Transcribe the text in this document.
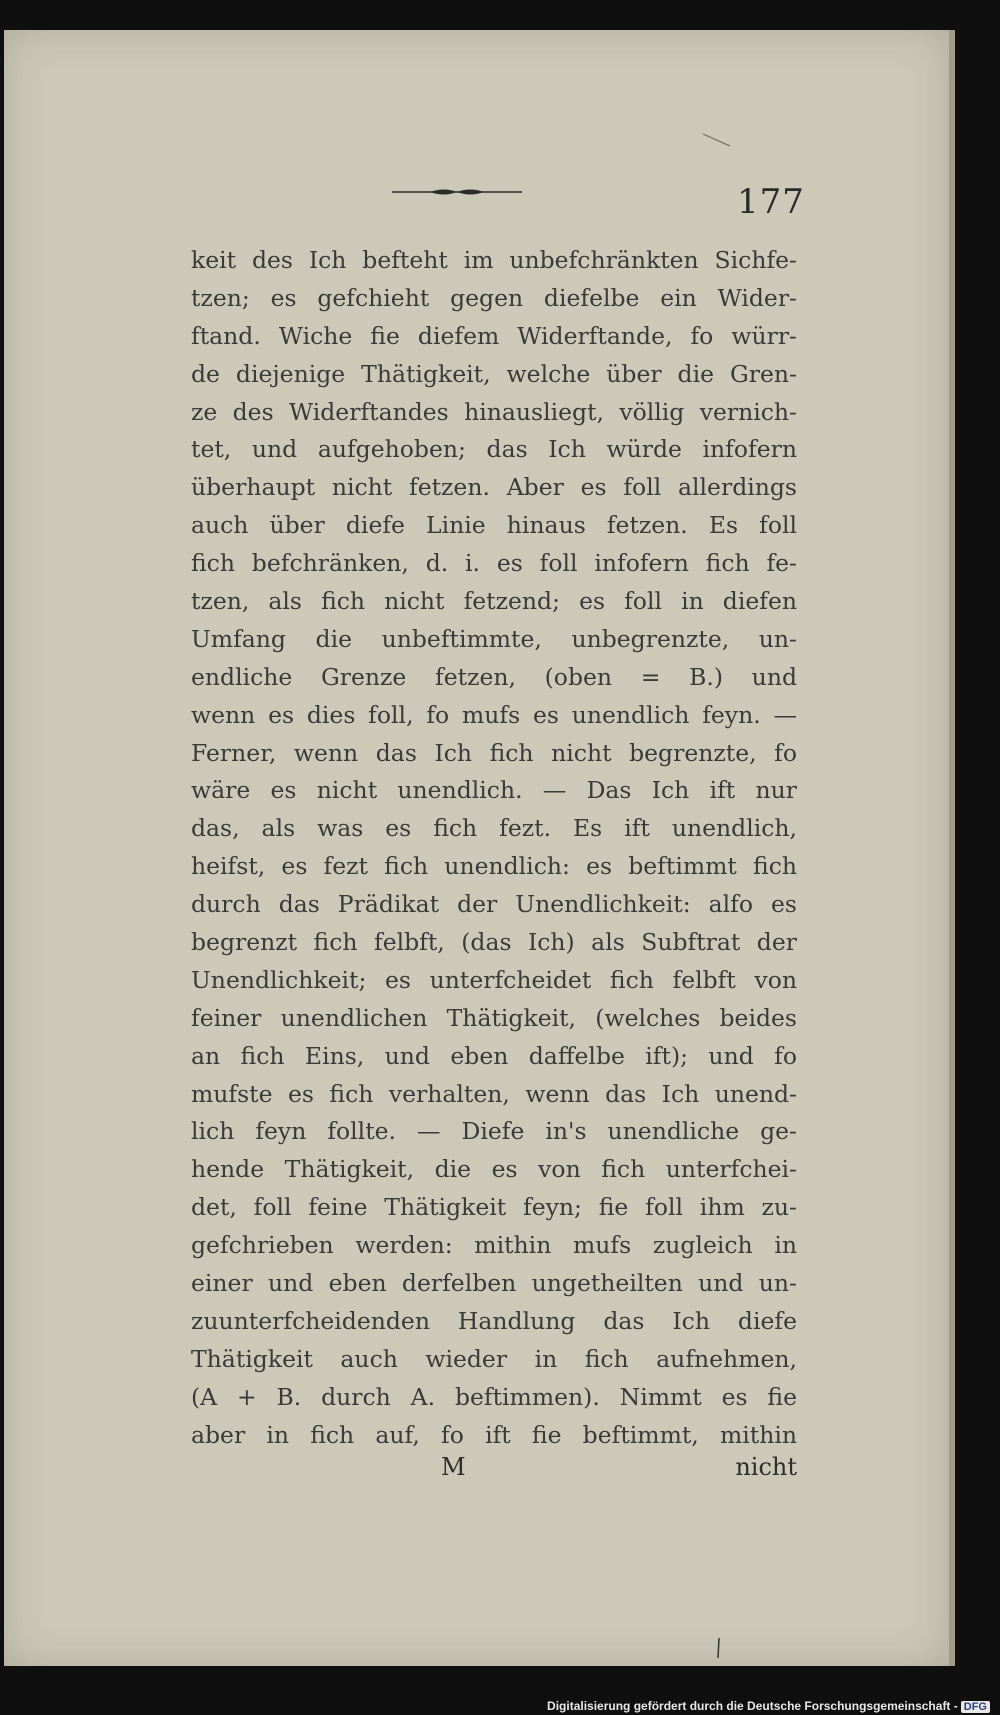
177
keit des Ich befteht im unbefchränkten Sichfe-
tzen; es gefchieht gegen diefelbe ein Wider-
ftand. Wiche fie diefem Widerftande, fo würr-
de diejenige Thätigkeit, welche über die Gren-
ze des Widerftandes hinausliegt, völlig vernich-
tet, und aufgehoben; das Ich würde infofern
überhaupt nicht fetzen. Aber es foll allerdings
auch über diefe Linie hinaus fetzen. Es foll
fich befchränken, d. i. es foll infofern fich fe-
tzen, als fich nicht fetzend; es foll in diefen
Umfang die unbeftimmte, unbegrenzte, un-
endliche Grenze fetzen, (oben = B.) und
wenn es dies foll, fo mufs es unendlich feyn. —
Ferner, wenn das Ich fich nicht begrenzte, fo
wäre es nicht unendlich. — Das Ich ift nur
das, als was es fich fezt. Es ift unendlich,
heifst, es fezt fich unendlich: es beftimmt fich
durch das Prädikat der Unendlichkeit: alfo es
begrenzt fich felbft, (das Ich) als Subftrat der
Unendlichkeit; es unterfcheidet fich felbft von
feiner unendlichen Thätigkeit, (welches beides
an fich Eins, und eben daffelbe ift); und fo
mufste es fich verhalten, wenn das Ich unend-
lich feyn follte. — Diefe in's unendliche ge-
hende Thätigkeit, die es von fich unterfchei-
det, foll feine Thätigkeit feyn; fie foll ihm zu-
gefchrieben werden: mithin mufs zugleich in
einer und eben derfelben ungetheilten und un-
zuunterfcheidenden Handlung das Ich diefe
Thätigkeit auch wieder in fich aufnehmen,
(A + B. durch A. beftimmen). Nimmt es fie
aber in fich auf, fo ift fie beftimmt, mithin
M	nicht
Digitalisierung gefördert durch die Deutsche Forschungsgemeinschaft - DFG
